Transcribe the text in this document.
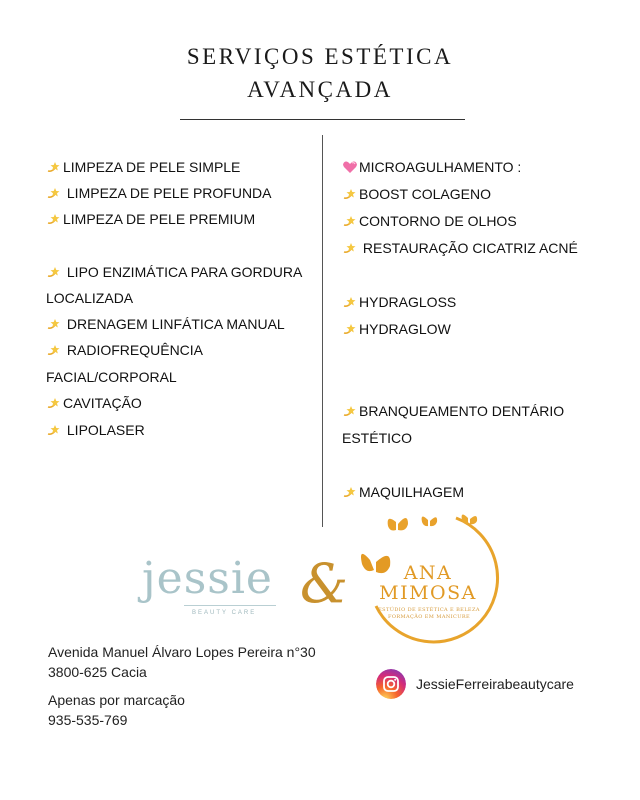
SERVIÇOS ESTÉTICA
AVANÇADA
LIMPEZA DE PELE SIMPLE
LIMPEZA DE PELE PROFUNDA
LIMPEZA DE PELE PREMIUM
LIPO ENZIMÁTICA PARA GORDURA
LOCALIZADA
DRENAGEM LINFÁTICA MANUAL
RADIOFREQUÊNCIA
FACIAL/CORPORAL
CAVITAÇÃO
LIPOLASER
MICROAGULHAMENTO :
BOOST COLAGENO
CONTORNO DE OLHOS
RESTAURAÇÃO CICATRIZ ACNÉ
HYDRAGLOSS
HYDRAGLOW
BRANQUEAMENTO DENTÁRIO
ESTÉTICO
MAQUILHAGEM
jessie
BEAUTY CARE &	ANA
MIMOSA
ESTÚDIO DE ESTÉTICA E BELEZA
FORMAÇÃO EM MANICURE
Avenida Manuel Álvaro Lopes Pereira n°30
3800-625 Cacia
Apenas por marcação
935-535-769
JessieFerreirabeautycare
